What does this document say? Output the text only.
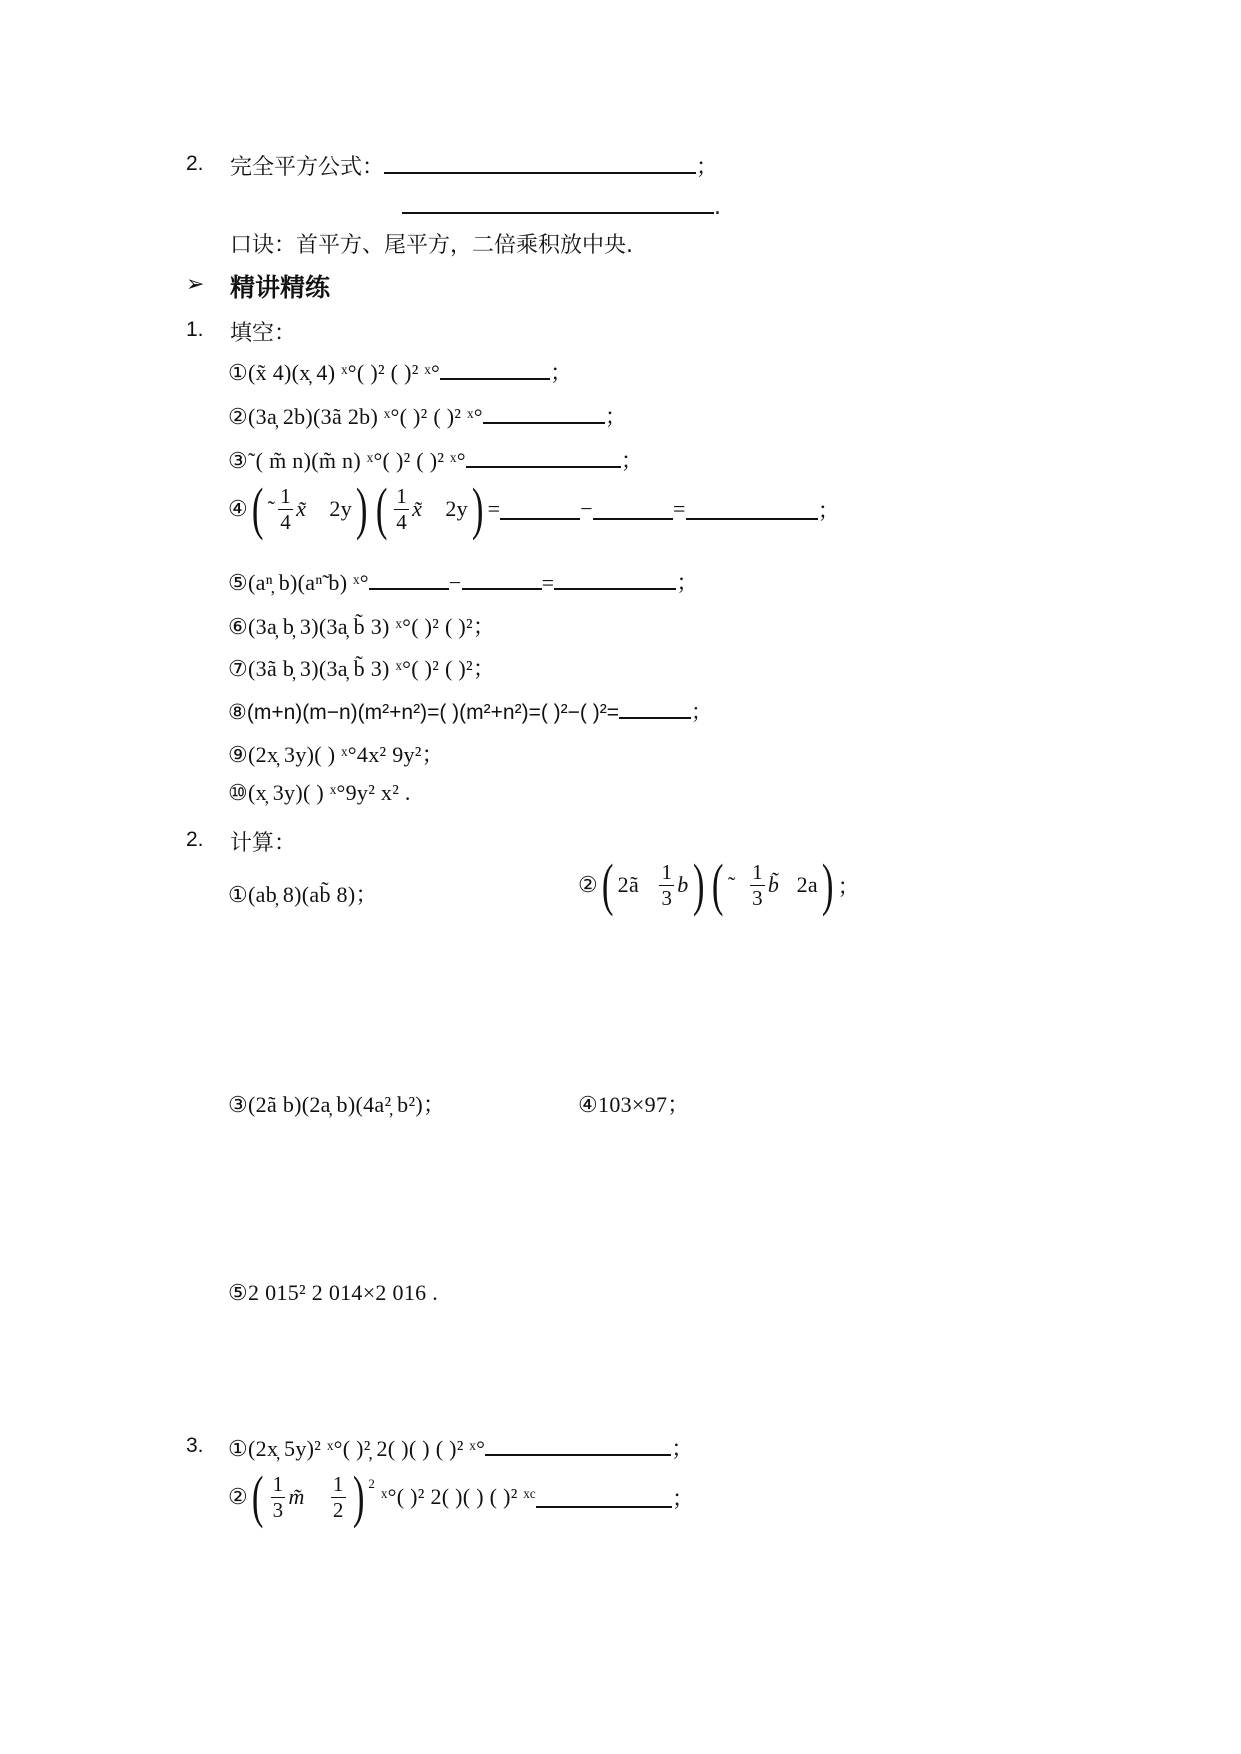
2. 完全平方公式：	；
.
口诀：首平方、尾平方，二倍乘积放中央.
➢ 精讲精练
1. 填空：
①(x̃ 4)(x̦ 4) ˣ°( )² ( )² ˣ°	；
②(3a̦ 2b)(3ã 2b) ˣ°( )² ( )² ˣ°	；
③˜( m̃ n)(m̃ n) ˣ°( )² ( )² ˣ°	；
④ ( ˜ $\frac{1}{4}$ x̃
2y ) ( $\frac{1}{4}$ x̃
2y ) =	−	=	；
⑤(aⁿ̦ b)(aⁿ̃ b) ˣ°	−	=	；
⑥(3a̦ b̦ 3)(3a̦ b̃ 3) ˣ°( )² ( )²；
⑦(3ã b̦ 3)(3a̦ b̃ 3) ˣ°( )² ( )²；
⑧(m+n)(m−n)(m²+n²)=( )(m²+n²)=( )²−( )²=	；
⑨(2x̦ 3y)( ) ˣ°4x² 9y²；
⑩(x̦ 3y)( ) ˣ°9y² x² .
2. 计算：
①(ab̦ 8)(ab̃ 8)；	② ( 2ã
$\frac{1}{3}$ b ) ( ˜
$\frac{1}{3}$ b̃
2a ) ；
③(2ã b)(2a̦ b)(4a²̦ b²)；	④103×97；
⑤2 015² 2 014×2 016 .
3. ①(2x̦ 5y)² ˣ°( )²̦ 2( )( ) ( )² ˣ°	；
② ( $\frac{1}{3}$ m̃
$\frac{1}{2}$ ) $^2$

ˣ°( )² 2( )( ) ( )² ˣᶜ	；
